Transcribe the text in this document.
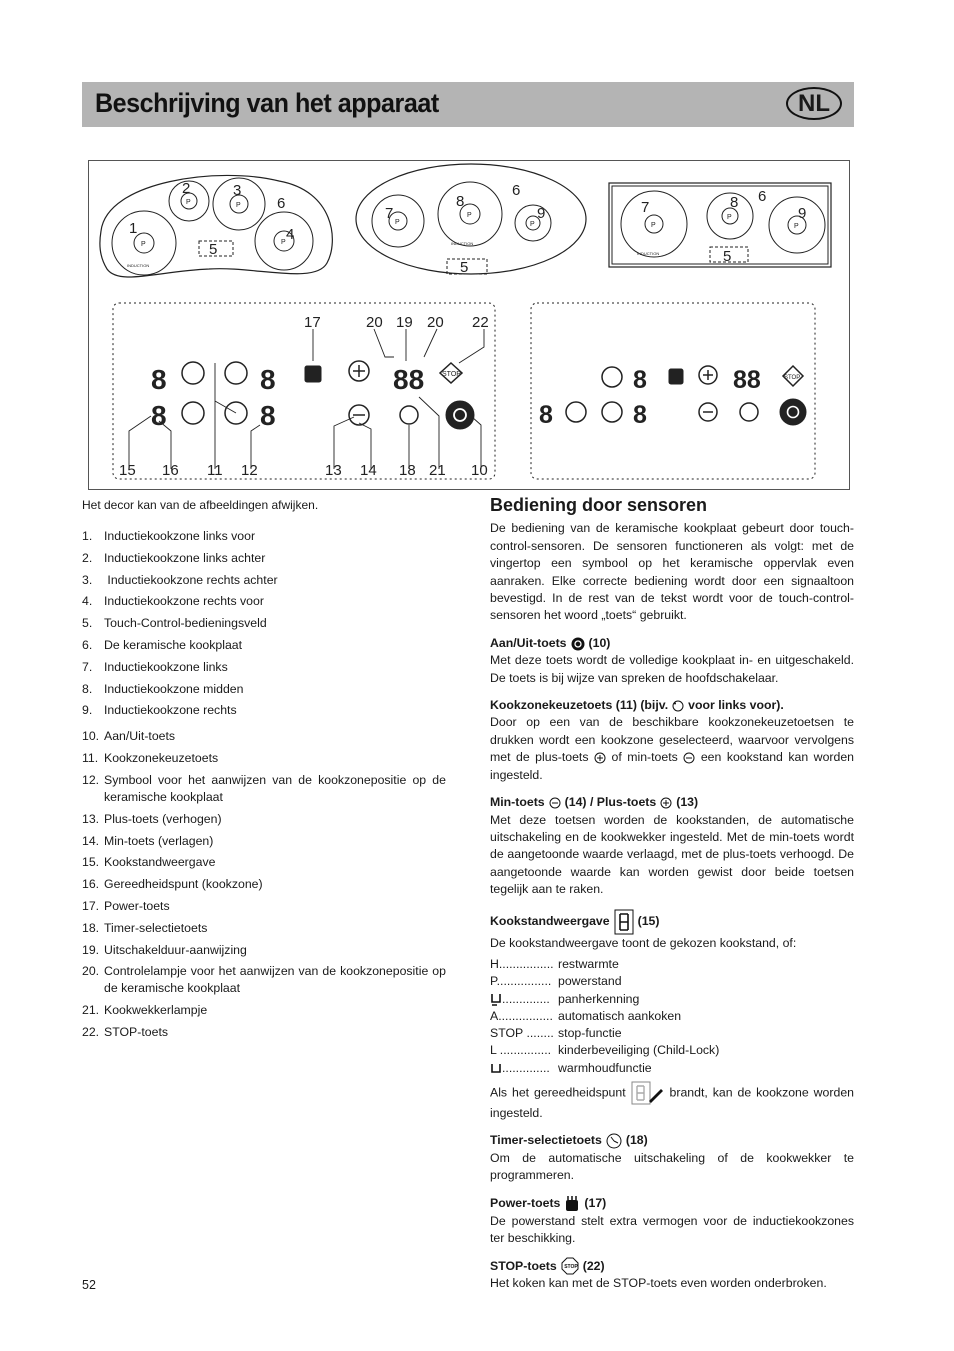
Beschrijving van het apparaat	NL
1
2	3
4
5
6
P
P	P
P
INDUCTION
7
8
9
6
5
P
P
P
INDUCTION
7	8
9
6
5
P
P
P
INDUCTION
8
8
8
8
88	STOP
17	20 19 20 22
15 16 11 12	13 14 18 21 10
8	88	STOP
8	8
Het decor kan van de afbeeldingen afwijken.
1. Inductiekookzone links voor
2. Inductiekookzone links achter
3. Inductiekookzone rechts achter
4. Inductiekookzone rechts voor
5. Touch-Control-bedieningsveld
6. De keramische kookplaat
7. Inductiekookzone links
8. Inductiekookzone midden
9. Inductiekookzone rechts
10. Aan/Uit-toets
11. Kookzonekeuzetoets
12. Symbool voor het aanwijzen van de kookzonepositie op de keramische kookplaat
13. Plus-toets (verhogen)
14. Min-toets (verlagen)
15. Kookstandweergave
16. Gereedheidspunt (kookzone)
17. Power-toets
18. Timer-selectietoets
19. Uitschakelduur-aanwijzing
20. Controlelampje voor het aanwijzen van de kookzonepositie op de keramische kookplaat
21. Kookwekkerlampje
22. STOP-toets
Bediening door sensoren

De bediening van de keramische kookplaat gebeurt door touch-control-sensoren. De sensoren functioneren als volgt: met de vingertop een symbool op het keramische oppervlak even aanraken. Elke correcte bediening wordt door een signaaltoon bevestigd. In de rest van de tekst wordt voor de touch-control-sensoren het woord „toets“ gebruikt.

Aan/Uit-toets (10)

Met deze toets wordt de volledige kookplaat in- en uitgeschakeld. De toets is bij wijze van spreken de hoofdschakelaar.

Kookzonekeuzetoets (11) (bijv. voor links voor).

Door op een van de beschikbare kookzonekeuzetoetsen te drukken wordt een kookzone geselecteerd, waarvoor vervolgens met de plus-toets of min-toets een kookstand kan worden ingesteld.

Min-toets (14) / Plus-toets (13)

Met deze toetsen worden de kookstanden, de automatische uitschakeling en de kookwekker ingesteld. Met de min-toets wordt de aangetoonde waarde verlaagd, met de plus-toets verhoogd. De aangetoonde waarde kan worden gewist door beide toetsen tegelijk aan te raken.

Kookstandweergave (15)

De kookstandweergave toont de gekozen kookstand, of:

H................ restwarmte
P................ powerstand
.............. panherkenning
A................ automatisch aankoken
STOP ........ stop-functie
L ............... kinderbeveiliging (Child-Lock)
.............. warmhoudfunctie

Als het gereedheidspunt	brandt, kan de kookzone worden ingesteld.

Timer-selectietoets (18)

Om de automatische uitschakeling of de kookwekker te programmeren.

Power-toets (17)

De powerstand stelt extra vermogen voor de inductiekookzones ter beschikking.

STOP-toets STOP (22)

Het koken kan met de STOP-toets even worden onderbroken.

52
